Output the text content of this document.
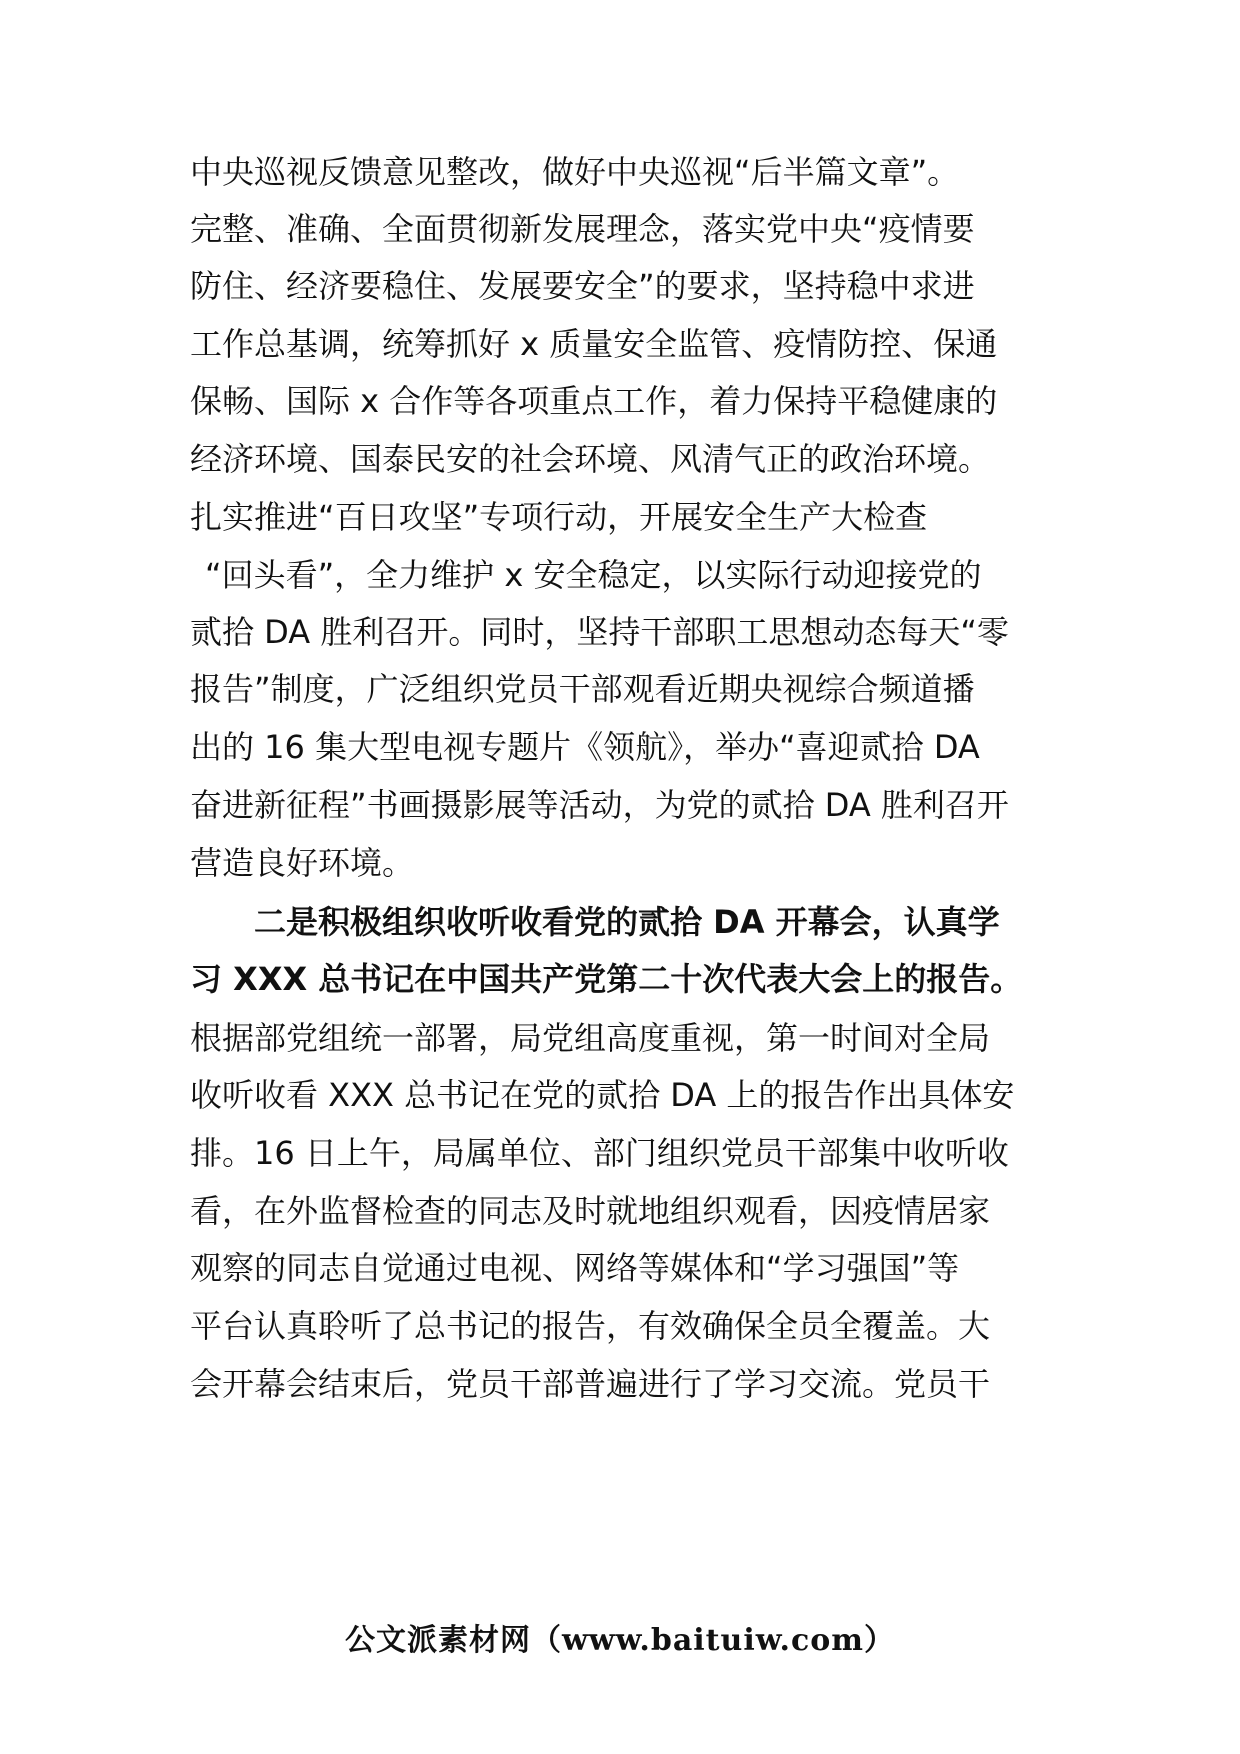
中央巡视反馈意见整改，做好中央巡视“后半篇文章”。
完整、准确、全面贯彻新发展理念，落实党中央“疫情要
防住、经济要稳住、发展要安全”的要求，坚持稳中求进
工作总基调，统筹抓好 x 质量安全监管、疫情防控、保通
保畅、国际 x 合作等各项重点工作，着力保持平稳健康的
经济环境、国泰民安的社会环境、风清气正的政治环境。
扎实推进“百日攻坚”专项行动，开展安全生产大检查
“回头看”，全力维护 x 安全稳定，以实际行动迎接党的
贰拾 DA 胜利召开。同时，坚持干部职工思想动态每天“零
报告”制度，广泛组织党员干部观看近期央视综合频道播
出的 16 集大型电视专题片《领航》，举办“喜迎贰拾 DA
奋进新征程”书画摄影展等活动，为党的贰拾 DA 胜利召开
营造良好环境。
二是积极组织收听收看党的贰拾 DA 开幕会，认真学
习 XXX 总书记在中国共产党第二十次代表大会上的报告。
根据部党组统一部署，局党组高度重视，第一时间对全局
收听收看 XXX 总书记在党的贰拾 DA 上的报告作出具体安
排。16 日上午，局属单位、部门组织党员干部集中收听收
看，在外监督检查的同志及时就地组织观看，因疫情居家
观察的同志自觉通过电视、网络等媒体和“学习强国”等
平台认真聆听了总书记的报告，有效确保全员全覆盖。大
会开幕会结束后，党员干部普遍进行了学习交流。党员干
公文派素材网（www.baituiw.com）
